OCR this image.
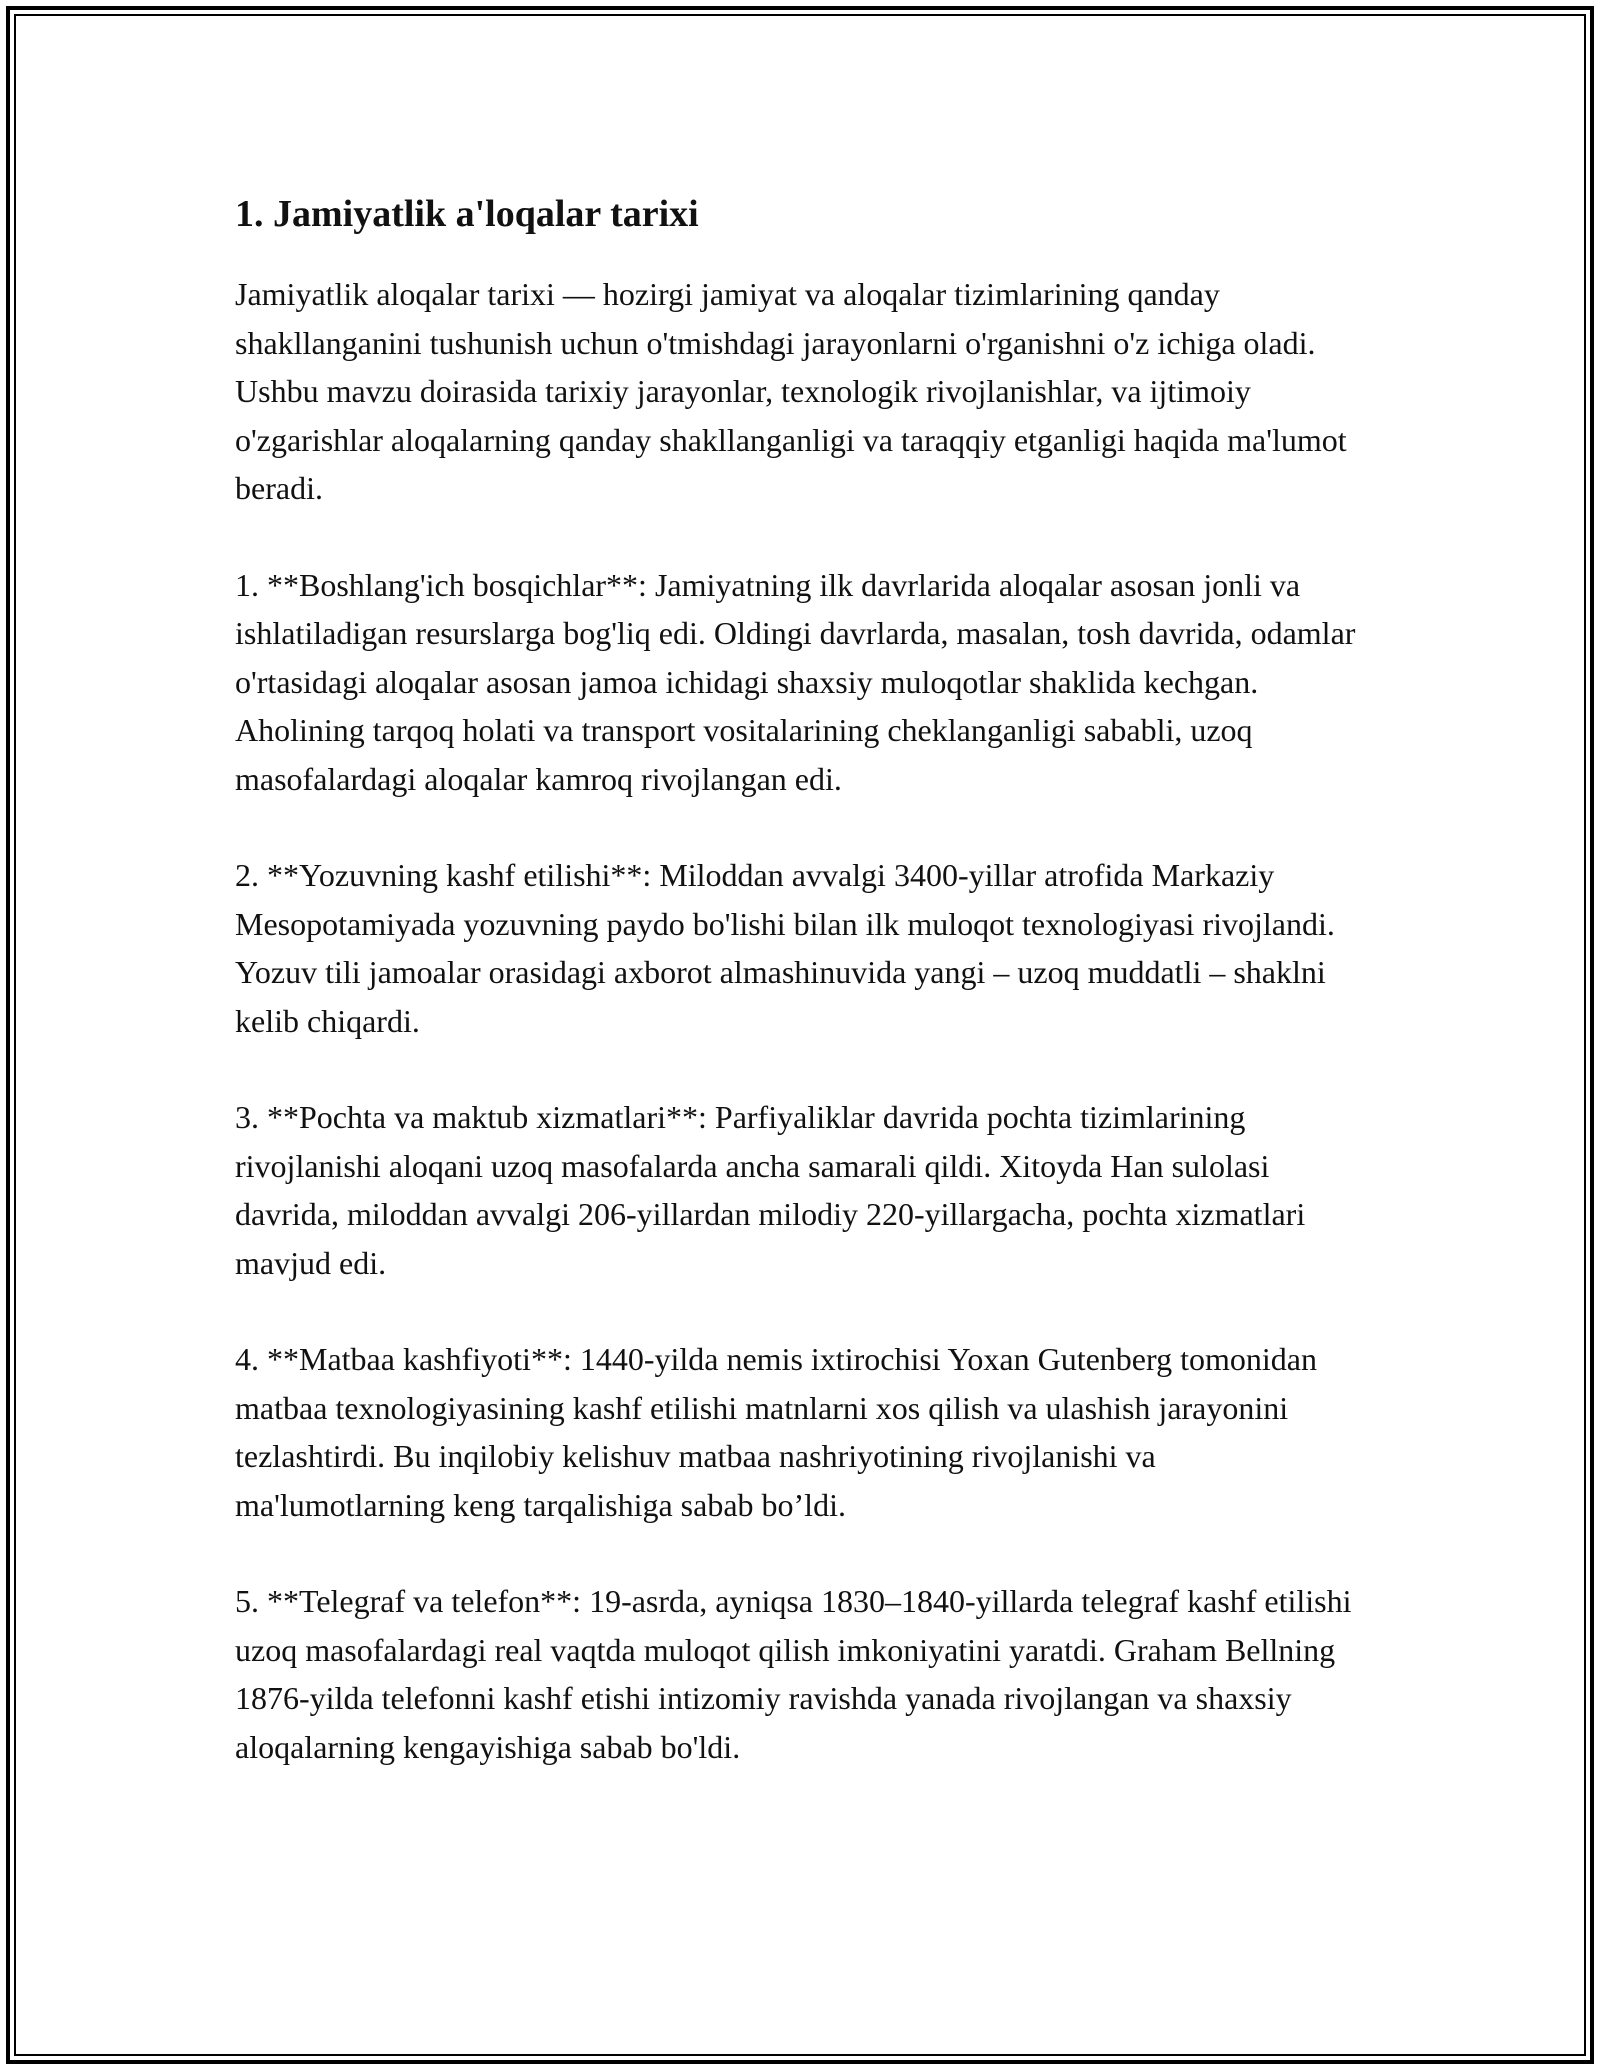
1. Jamiyatlik a'loqalar tarixi

Jamiyatlik aloqalar tarixi — hozirgi jamiyat va aloqalar tizimlarining qanday shakllanganini tushunish uchun o'tmishdagi jarayonlarni o'rganishni o'z ichiga oladi. Ushbu mavzu doirasida tarixiy jarayonlar, texnologik rivojlanishlar, va ijtimoiy o'zgarishlar aloqalarning qanday shakllanganligi va taraqqiy etganligi haqida ma'lumot beradi.

1. **Boshlang'ich bosqichlar**: Jamiyatning ilk davrlarida aloqalar asosan jonli va ishlatiladigan resurslarga bog'liq edi. Oldingi davrlarda, masalan, tosh davrida, odamlar o'rtasidagi aloqalar asosan jamoa ichidagi shaxsiy muloqotlar shaklida kechgan. Aholining tarqoq holati va transport vositalarining cheklanganligi sababli, uzoq masofalardagi aloqalar kamroq rivojlangan edi.

2. **Yozuvning kashf etilishi**: Miloddan avvalgi 3400-yillar atrofida Markaziy Mesopotamiyada yozuvning paydo bo'lishi bilan ilk muloqot texnologiyasi rivojlandi. Yozuv tili jamoalar orasidagi axborot almashinuvida yangi – uzoq muddatli – shaklni kelib chiqardi.

3. **Pochta va maktub xizmatlari**: Parfiyaliklar davrida pochta tizimlarining rivojlanishi aloqani uzoq masofalarda ancha samarali qildi. Xitoyda Han sulolasi davrida, miloddan avvalgi 206-yillardan milodiy 220-yillargacha, pochta xizmatlari mavjud edi.

4. **Matbaa kashfiyoti**: 1440-yilda nemis ixtirochisi Yoxan Gutenberg tomonidan matbaa texnologiyasining kashf etilishi matnlarni xos qilish va ulashish jarayonini tezlashtirdi. Bu inqilobiy kelishuv matbaa nashriyotining rivojlanishi va ma'lumotlarning keng tarqalishiga sabab bo’ldi.

5. **Telegraf va telefon**: 19-asrda, ayniqsa 1830–1840-yillarda telegraf kashf etilishi uzoq masofalardagi real vaqtda muloqot qilish imkoniyatini yaratdi. Graham Bellning 1876-yilda telefonni kashf etishi intizomiy ravishda yanada rivojlangan va shaxsiy aloqalarning kengayishiga sabab bo'ldi.
